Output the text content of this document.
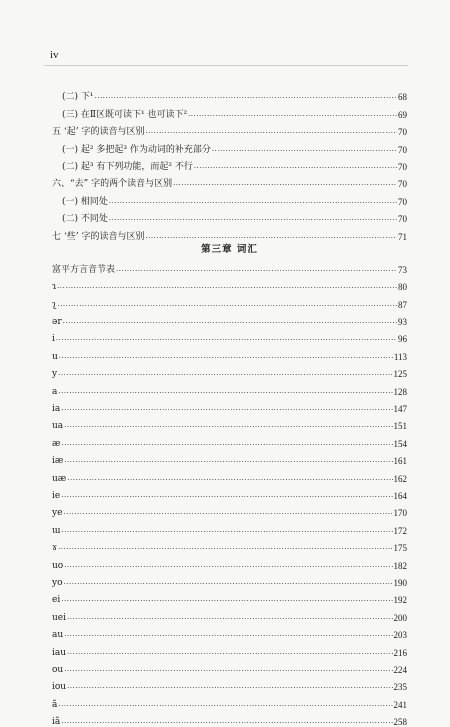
iv
(二) 下¹ ·····	68
(三) 在Ⅱ区既可读下¹ 也可读下² ·····	69
五 ‘起’ 字的读音与区别 ·····	70
(一) 起² 多把起³ 作为动词的补充部分 ·····	70
(二) 起³ 有下列功能，而起² 不行 ·····	70
六、“去” 字的两个读音与区别 ·····	70
(一) 相同处 ·····	70
(二) 不同处 ·····	70
七 ‘些’ 字的读音与区别 ·····	71
第三章 词汇
富平方言音节表 ·····	73
ɿ ·····	80
ʅ ·····	87
ər ·····	93
i ·····	96
u ·····	113
y ·····	125
a ·····	128
ia ·····	147
ua ·····	151
æ ·····	154
iæ ·····	161
uæ ·····	162
ie ·····	164
ye ·····	170
ɯ ·····	172
ɤ ·····	175
uo ·····	182
yo ·····	190
ei ·····	192
uei ·····	200
au ·····	203
iau ·····	216
ou ·····	224
iou ·····	235
ã ·····	241
iã ·····	258
